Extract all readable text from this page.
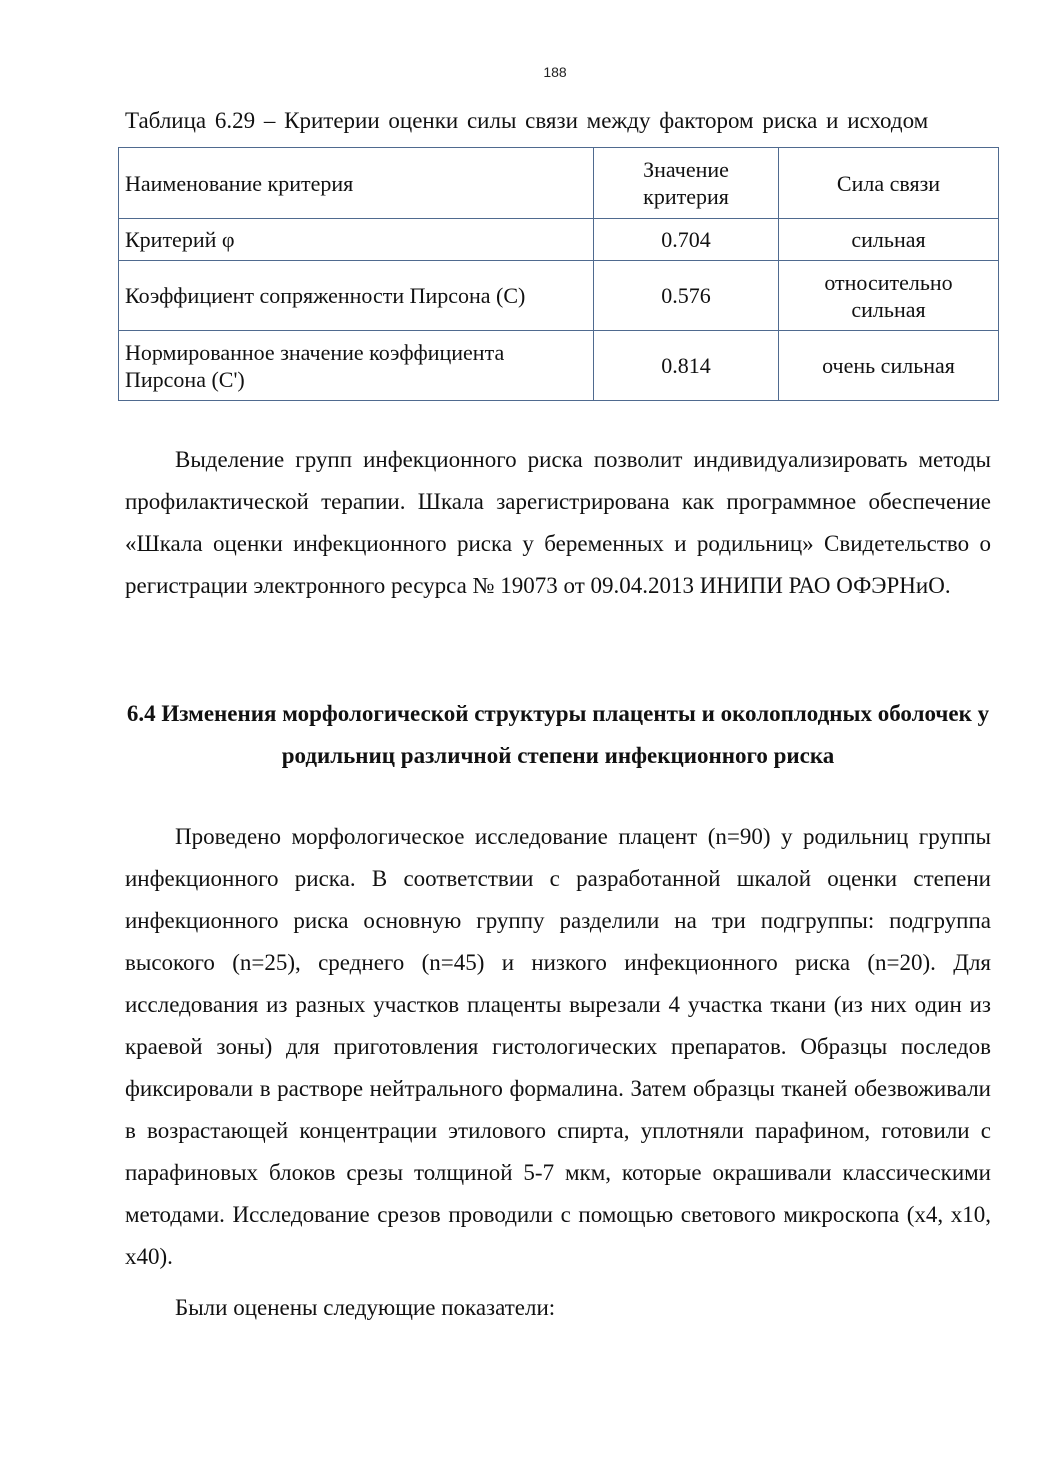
188
Таблица 6.29 – Критерии оценки силы связи между фактором риска и исходом
Наименование критерия	Значение критерия	Сила связи
Критерий φ	0.704	сильная
Коэффициент сопряженности Пирсона (C)	0.576	относительно сильная
Нормированное значение коэффициента Пирсона (C')	0.814	очень сильная

Выделение групп инфекционного риска позволит индивидуализировать методы профилактической терапии. Шкала зарегистрирована как программное обеспечение «Шкала оценки инфекционного риска у беременных и родильниц» Свидетельство о регистрации электронного ресурса № 19073 от 09.04.2013 ИНИПИ РАО ОФЭРНиО.

6.4 Изменения морфологической структуры плаценты и околоплодных оболочек у родильниц различной степени инфекционного риска

Проведено морфологическое исследование плацент (n=90) у родильниц группы инфекционного риска. В соответствии с разработанной шкалой оценки степени инфекционного риска основную группу разделили на три подгруппы: подгруппа высокого (n=25), среднего (n=45) и низкого инфекционного риска (n=20). Для исследования из разных участков плаценты вырезали 4 участка ткани (из них один из краевой зоны) для приготовления гистологических препаратов. Образцы последов фиксировали в растворе нейтрального формалина. Затем образцы тканей обезвоживали в возрастающей концентрации этилового спирта, уплотняли парафином, готовили с парафиновых блоков срезы толщиной 5-7 мкм, которые окрашивали классическими методами. Исследование срезов проводили с помощью светового микроскопа (x4, x10, x40).

Были оценены следующие показатели:
